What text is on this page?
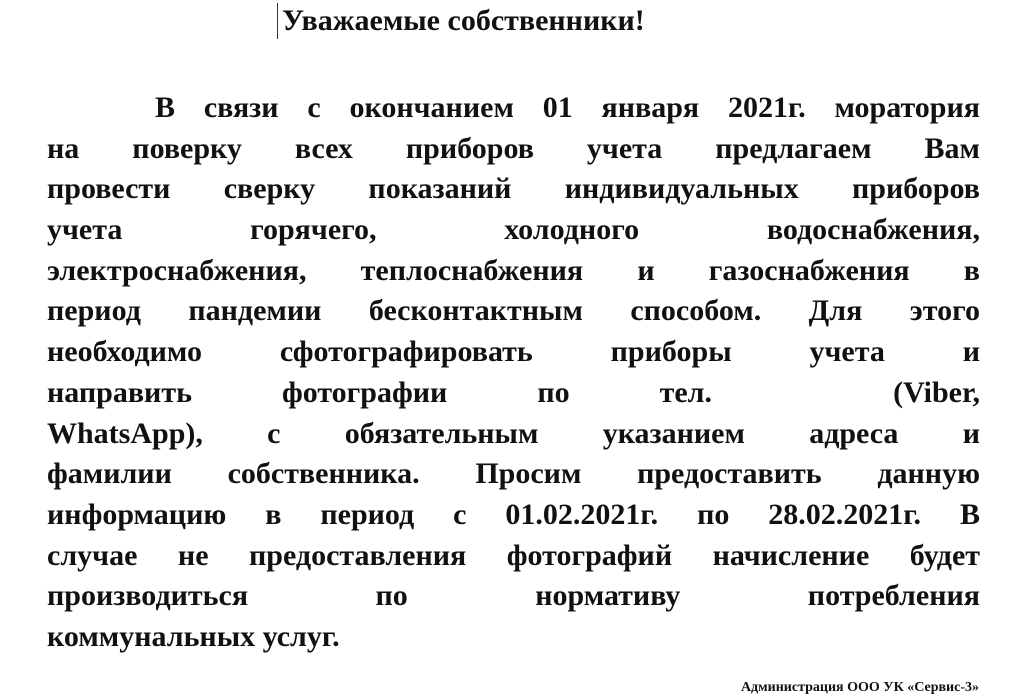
Уважаемые собственники!
В связи с окончанием 01 января 2021г. моратория
на поверку всех приборов учета предлагаем Вам
провести сверку показаний индивидуальных приборов
учета горячего, холодного водоснабжения,
электроснабжения, теплоснабжения и газоснабжения в
период пандемии бесконтактным способом. Для этого
необходимо сфотографировать приборы учета и
направить фотографии по тел.	(Viber,
WhatsApp), с обязательным указанием адреса и
фамилии собственника. Просим предоставить данную
информацию в период с 01.02.2021г. по 28.02.2021г. В
случае не предоставления фотографий начисление будет
производиться по нормативу потребления
коммунальных услуг.
Администрация ООО УК «Сервис-3»
